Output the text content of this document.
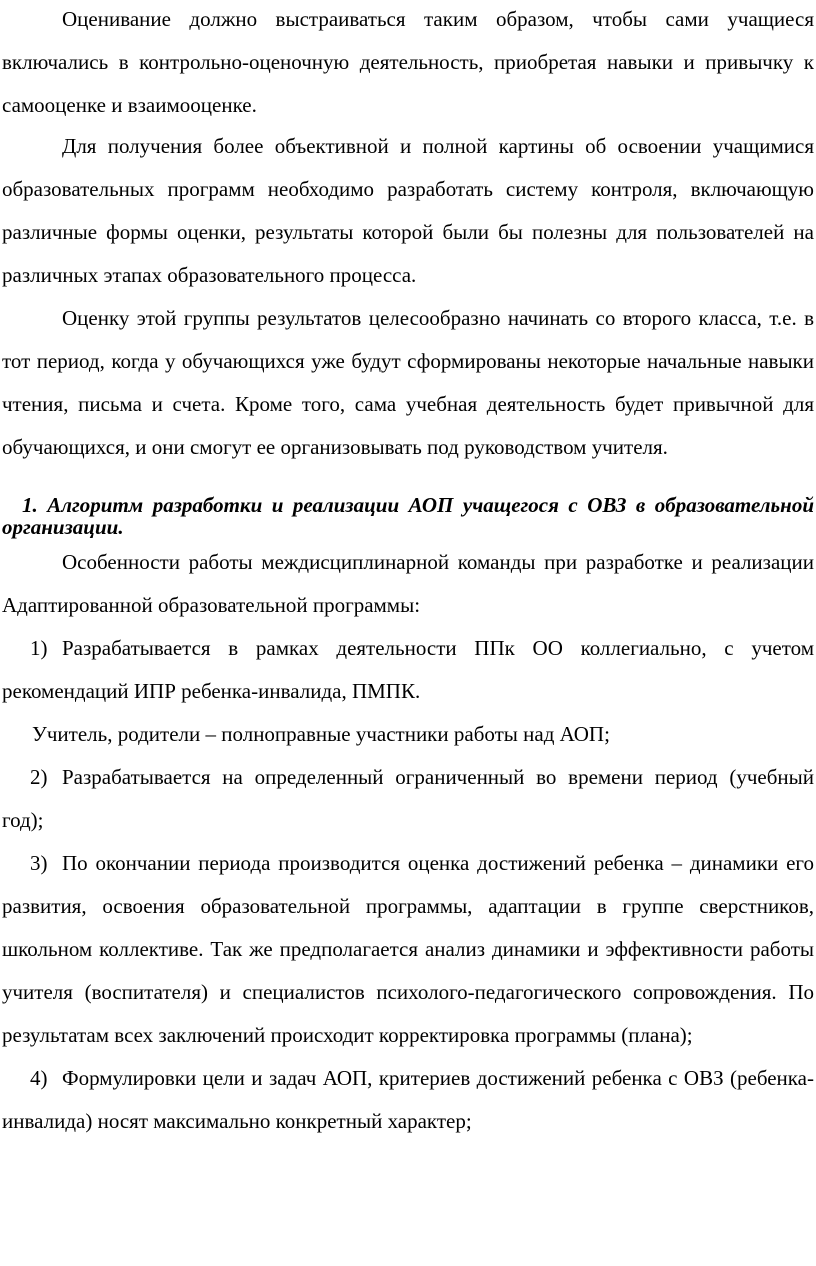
Оценивание должно выстраиваться таким образом, чтобы сами учащиеся включались в контрольно-оценочную деятельность, приобретая навыки и привычку к самооценке и взаимооценке.

Для получения более объективной и полной картины об освоении учащимися образовательных программ необходимо разработать систему контроля, включающую различные формы оценки, результаты которой были бы полезны для пользователей на различных этапах образовательного процесса.

Оценку этой группы результатов целесообразно начинать со второго класса, т.е. в тот период, когда у обучающихся уже будут сформированы некоторые начальные навыки чтения, письма и счета. Кроме того, сама учебная деятельность будет привычной для обучающихся, и они смогут ее организовывать под руководством учителя.

1. Алгоритм разработки и реализации АОП учащегося с ОВЗ в образовательной организации.

Особенности работы междисциплинарной команды при разработке и реализации Адаптированной образовательной программы:

1) Разрабатывается в рамках деятельности ППк ОО коллегиально, с учетом рекомендаций ИПР ребенка-инвалида, ПМПК.

Учитель, родители – полноправные участники работы над АОП;

2) Разрабатывается на определенный ограниченный во времени период (учебный год);

3) По окончании периода производится оценка достижений ребенка – динамики его развития, освоения образовательной программы, адаптации в группе сверстников, школьном коллективе. Так же предполагается анализ динамики и эффективности работы учителя (воспитателя) и специалистов психолого-педагогического сопровождения. По результатам всех заключений происходит корректировка программы (плана);

4) Формулировки цели и задач АОП, критериев достижений ребенка с ОВЗ (ребенка-инвалида) носят максимально конкретный характер;
